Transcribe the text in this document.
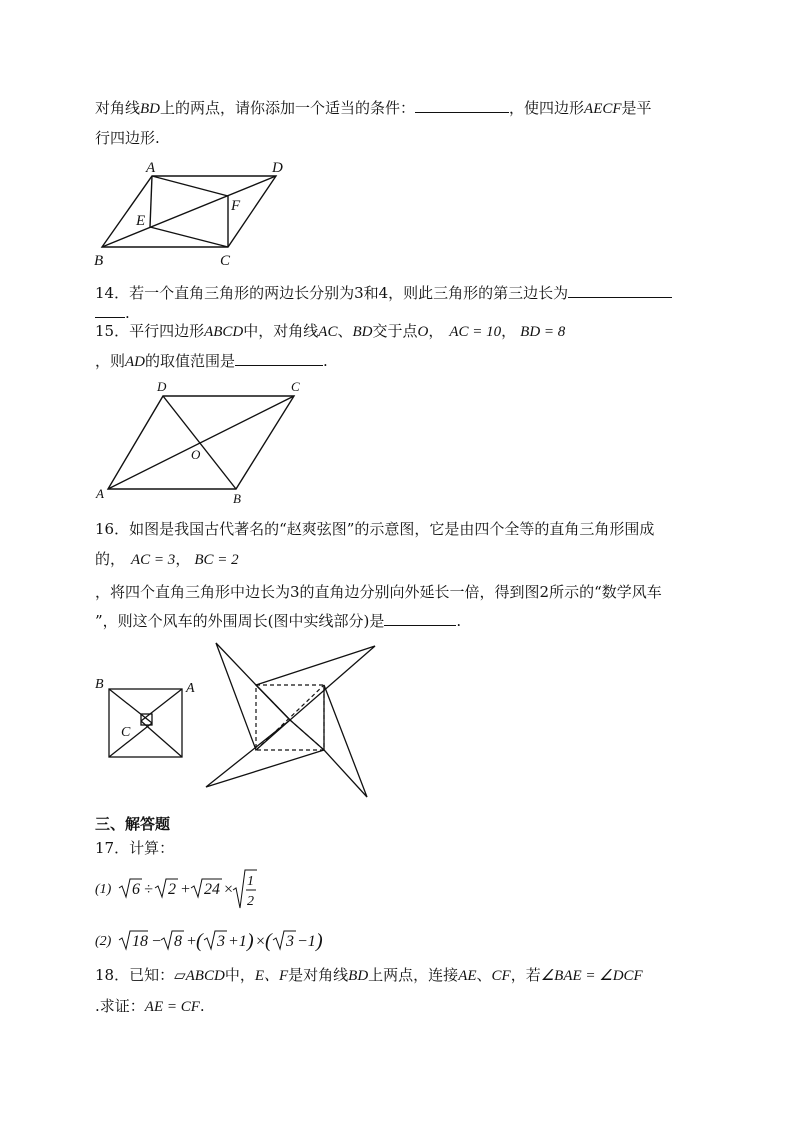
对角线BD上的两点，请你添加一个适当的条件：	，使四边形AECF是平
行四边形.
A	D
E
F
B	C
14．若一个直角三角形的两边长分别为3和4，则此三角形的第三边长为
.
15．平行四边形ABCD中，对角线AC、BD交于点O， AC = 10， BD = 8
，则AD的取值范围是	.
D	C
O
A	B
16．如图是我国古代著名的“赵爽弦图”的示意图，它是由四个全等的直角三角形围成
的， AC = 3， BC = 2
，将四个直角三角形中边长为3的直角边分别向外延长一倍，得到图2所示的“数学风车
”，则这个风车的外围周长(图中实线部分)是	.
B	A
C
三、解答题
17．计算：
(1) 6 ÷ 2 + 24 × 1
2
(2) 18 − 8 + ( 3 +1 ) × ( 3 −1 )
18．已知：▱ABCD中，E、F是对角线BD上两点，连接AE、CF，若∠BAE = ∠DCF
.求证：AE = CF.
